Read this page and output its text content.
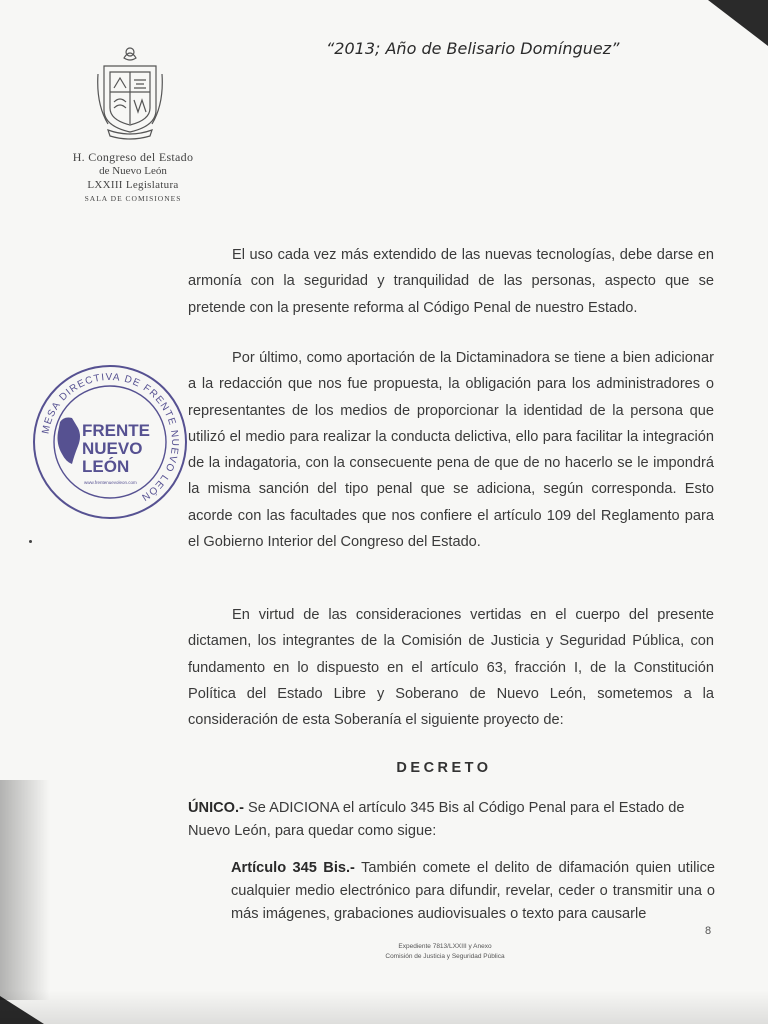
“2013; Año de Belisario Domínguez”
H. Congreso del Estado
de Nuevo León
LXXIII Legislatura
SALA DE COMISIONES
MESA DIRECTIVA DE FRENTE NUEVO LEÓN
FRENTE
NUEVO
LEÓN
www.frentenuevoleon.com
El uso cada vez más extendido de las nuevas tecnologías, debe darse en armonía con la seguridad y tranquilidad de las personas, aspecto que se pretende con la presente reforma al Código Penal de nuestro Estado.
Por último, como aportación de la Dictaminadora se tiene a bien adicionar a la redacción que nos fue propuesta, la obligación para los administradores o representantes de los medios de proporcionar la identidad de la persona que utilizó el medio para realizar la conducta delictiva, ello para facilitar la integración de la indagatoria, con la consecuente pena de que de no hacerlo se le impondrá la misma sanción del tipo penal que se adiciona, según corresponda. Esto acorde con las facultades que nos confiere el artículo 109 del Reglamento para el Gobierno Interior del Congreso del Estado.
En virtud de las consideraciones vertidas en el cuerpo del presente dictamen, los integrantes de la Comisión de Justicia y Seguridad Pública, con fundamento en lo dispuesto en el artículo 63, fracción I, de la Constitución Política del Estado Libre y Soberano de Nuevo León, sometemos a la consideración de esta Soberanía el siguiente proyecto de:
DECRETO
ÚNICO.- Se ADICIONA el artículo 345 Bis al Código Penal para el Estado de Nuevo León, para quedar como sigue:
Artículo 345 Bis.- También comete el delito de difamación quien utilice cualquier medio electrónico para difundir, revelar, ceder o transmitir una o más imágenes, grabaciones audiovisuales o texto para causarle
8
Expediente 7813/LXXIII y Anexo
Comisión de Justicia y Seguridad Pública
